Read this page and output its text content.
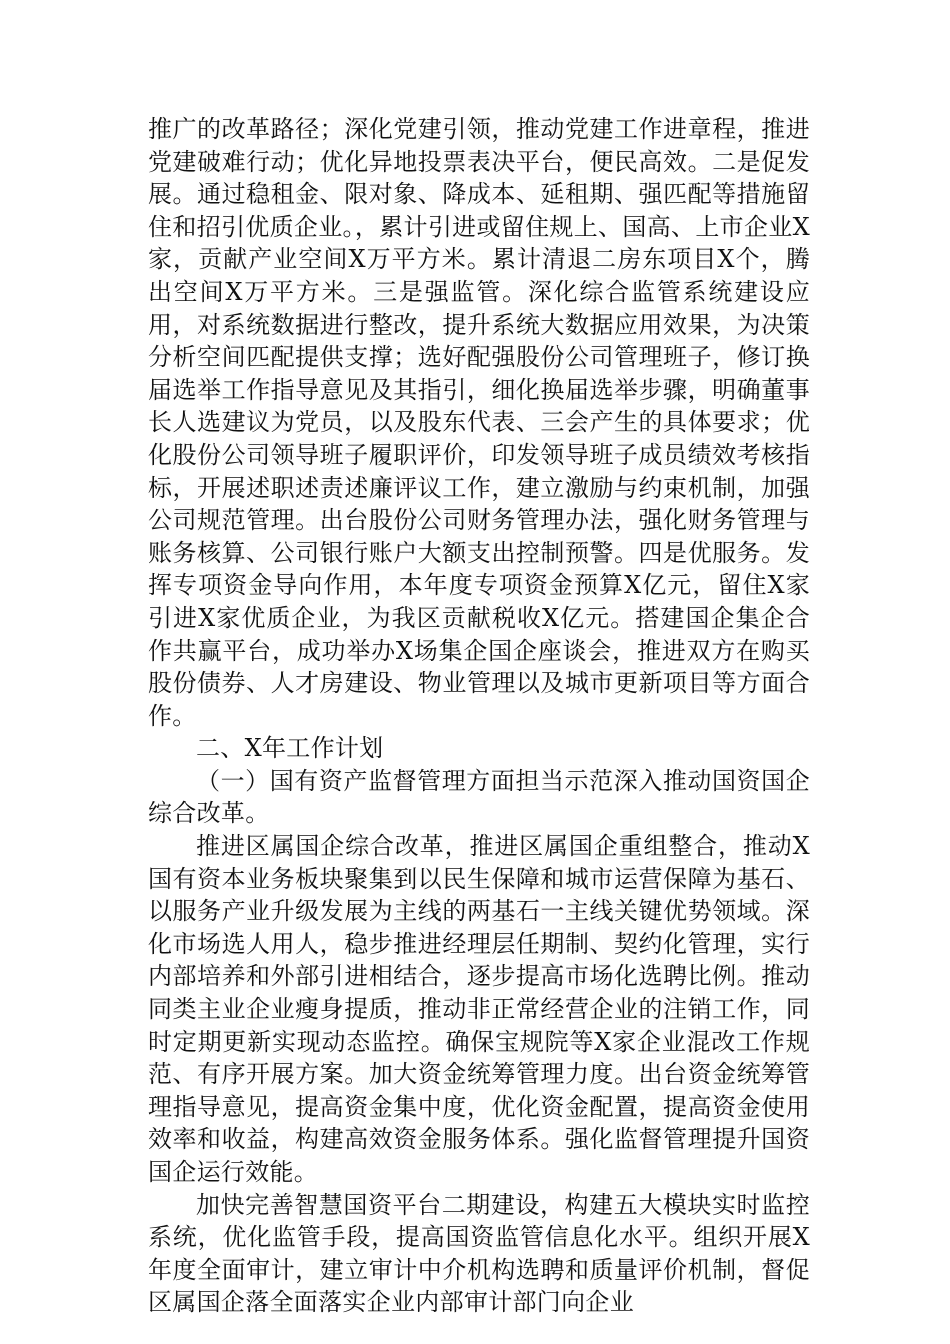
推广的改革路径；深化党建引领，推动党建工作进章程，推进党建破难行动；优化异地投票表决平台，便民高效。二是促发展。通过稳租金、限对象、降成本、延租期、强匹配等措施留住和招引优质企业。，累计引进或留住规上、国高、上市企业X家，贡献产业空间X万平方米。累计清退二房东项目X个，腾出空间X万平方米。三是强监管。深化综合监管系统建设应用，对系统数据进行整改，提升系统大数据应用效果，为决策分析空间匹配提供支撑；选好配强股份公司管理班子，修订换届选举工作指导意见及其指引，细化换届选举步骤，明确董事长人选建议为党员，以及股东代表、三会产生的具体要求；优化股份公司领导班子履职评价，印发领导班子成员绩效考核指标，开展述职述责述廉评议工作，建立激励与约束机制，加强公司规范管理。出台股份公司财务管理办法，强化财务管理与账务核算、公司银行账户大额支出控制预警。四是优服务。发挥专项资金导向作用，本年度专项资金预算X亿元，留住X家引进X家优质企业，为我区贡献税收X亿元。搭建国企集企合作共赢平台，成功举办X场集企国企座谈会，推进双方在购买股份债券、人才房建设、物业管理以及城市更新项目等方面合作。

二、X年工作计划

（一）国有资产监督管理方面担当示范深入推动国资国企综合改革。

推进区属国企综合改革，推进区属国企重组整合，推动X国有资本业务板块聚集到以民生保障和城市运营保障为基石、以服务产业升级发展为主线的两基石一主线关键优势领域。深化市场选人用人，稳步推进经理层任期制、契约化管理，实行内部培养和外部引进相结合，逐步提高市场化选聘比例。推动同类主业企业瘦身提质，推动非正常经营企业的注销工作，同时定期更新实现动态监控。确保宝规院等X家企业混改工作规范、有序开展方案。加大资金统筹管理力度。出台资金统筹管理指导意见，提高资金集中度，优化资金配置，提高资金使用效率和收益，构建高效资金服务体系。强化监督管理提升国资国企运行效能。

加快完善智慧国资平台二期建设，构建五大模块实时监控系统，优化监管手段，提高国资监管信息化水平。组织开展X年度全面审计，建立审计中介机构选聘和质量评价机制，督促区属国企落全面落实企业内部审计部门向企业
